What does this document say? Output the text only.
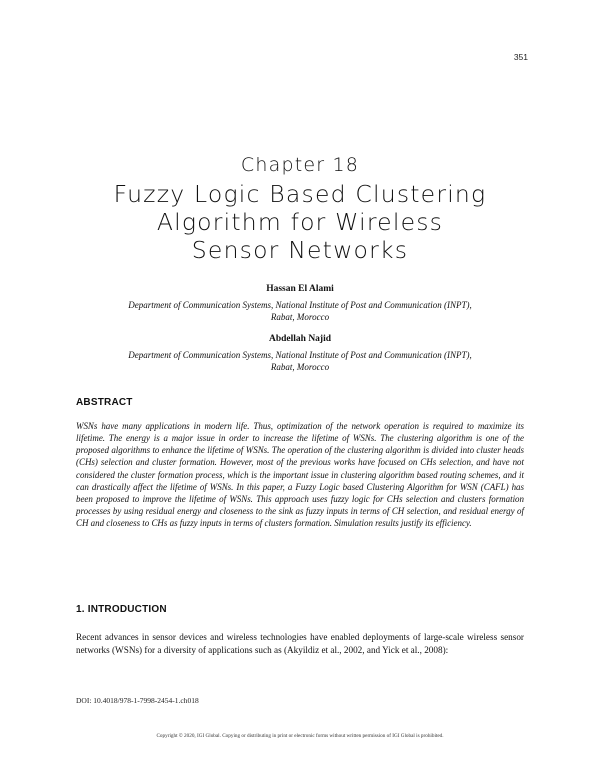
351
Chapter 18
Fuzzy Logic Based Clustering
Algorithm for Wireless
Sensor Networks
Hassan El Alami
Department of Communication Systems, National Institute of Post and Communication (INPT),
Rabat, Morocco
Abdellah Najid
Department of Communication Systems, National Institute of Post and Communication (INPT),
Rabat, Morocco
ABSTRACT

WSNs have many applications in modern life. Thus, optimization of the network operation is required to maximize its lifetime. The energy is a major issue in order to increase the lifetime of WSNs. The clustering algorithm is one of the proposed algorithms to enhance the lifetime of WSNs. The operation of the clustering algorithm is divided into cluster heads (CHs) selection and cluster formation. However, most of the previous works have focused on CHs selection, and have not considered the cluster formation process, which is the important issue in clustering algorithm based routing schemes, and it can drastically affect the lifetime of WSNs. In this paper, a Fuzzy Logic based Clustering Algorithm for WSN (CAFL) has been proposed to improve the lifetime of WSNs. This approach uses fuzzy logic for CHs selection and clusters formation processes by using residual energy and closeness to the sink as fuzzy inputs in terms of CH selection, and residual energy of CH and closeness to CHs as fuzzy inputs in terms of clusters formation. Simulation results justify its efficiency.

1. INTRODUCTION

Recent advances in sensor devices and wireless technologies have enabled deployments of large-scale wireless sensor networks (WSNs) for a diversity of applications such as (Akyildiz et al., 2002, and Yick et al., 2008):

DOI: 10.4018/978-1-7998-2454-1.ch018
Copyright © 2020, IGI Global. Copying or distributing in print or electronic forms without written permission of IGI Global is prohibited.
